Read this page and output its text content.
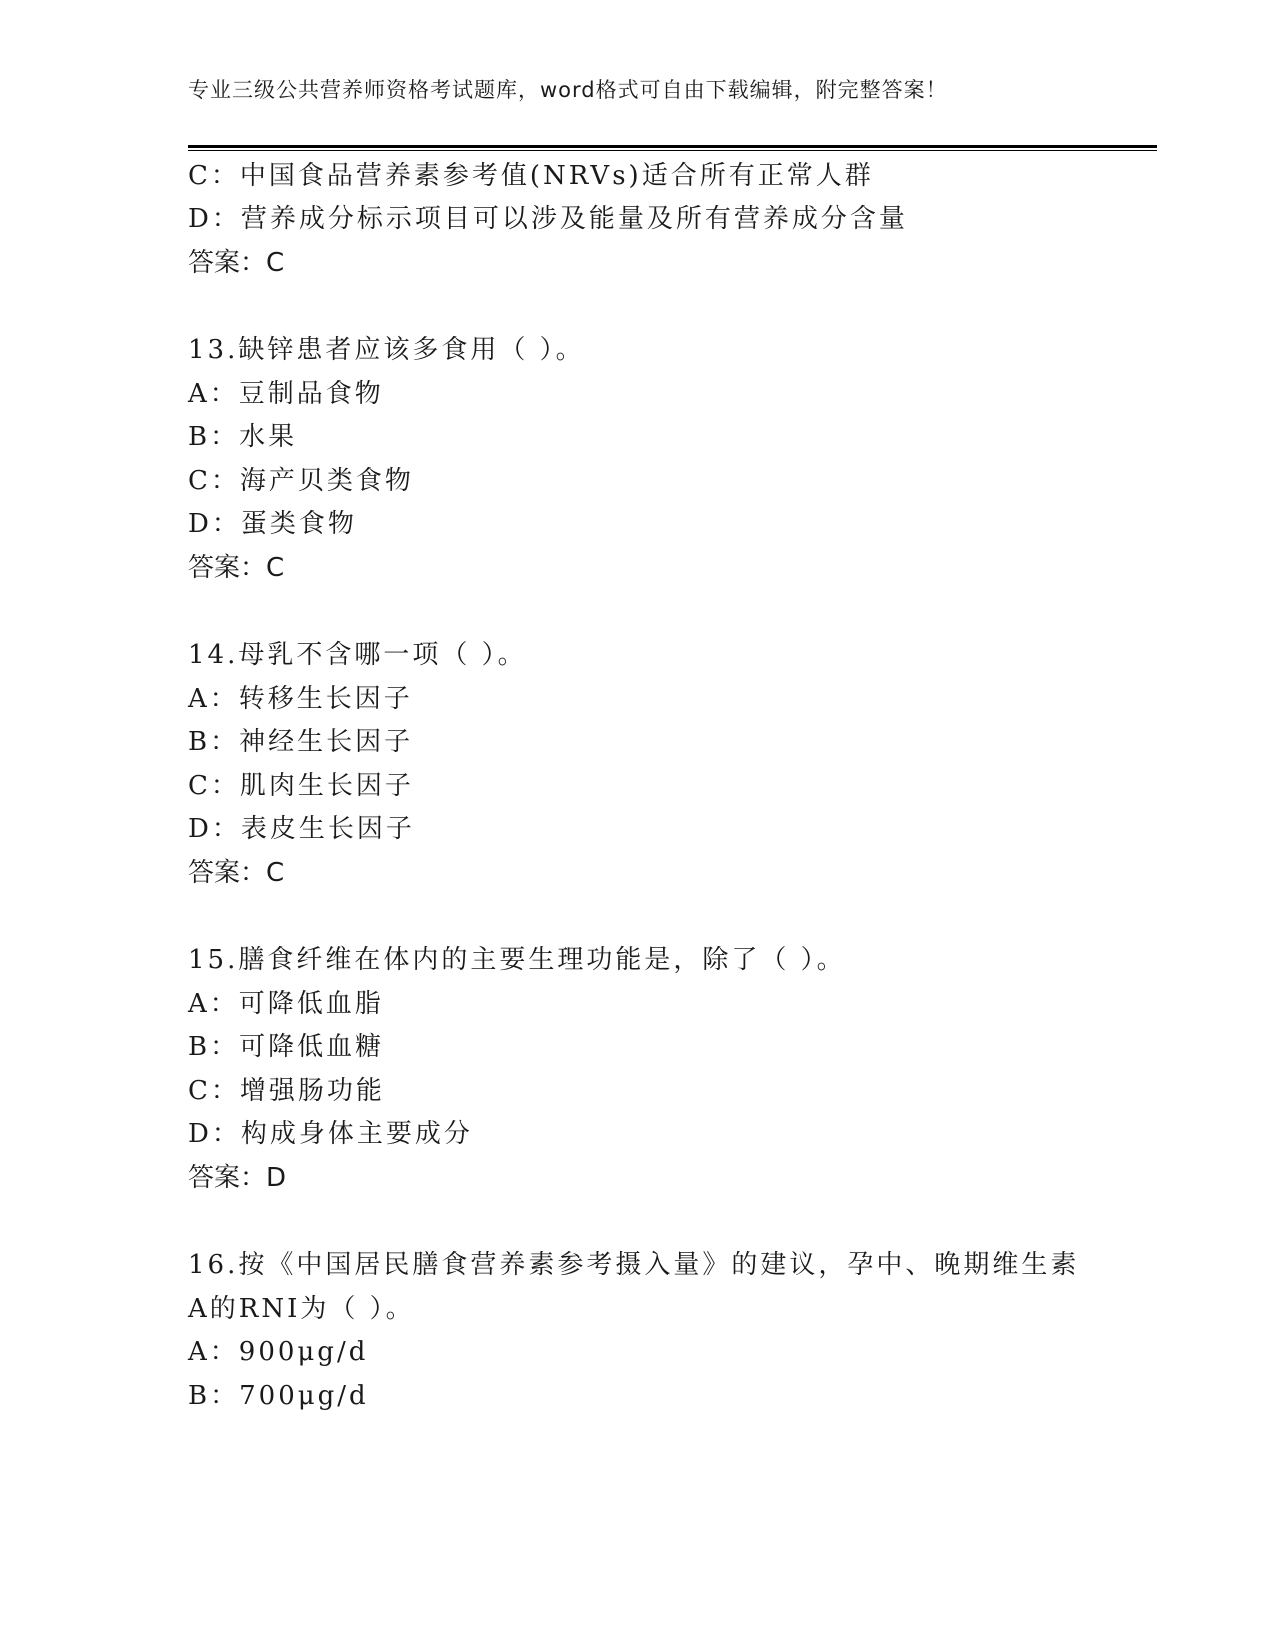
专业三级公共营养师资格考试题库，word格式可自由下载编辑，附完整答案！
C：中国食品营养素参考值(NRVs)适合所有正常人群
D：营养成分标示项目可以涉及能量及所有营养成分含量
答案：C
13.缺锌患者应该多食用（ ）。
A：豆制品食物
B：水果
C：海产贝类食物
D：蛋类食物
答案：C
14.母乳不含哪一项（ ）。
A：转移生长因子
B：神经生长因子
C：肌肉生长因子
D：表皮生长因子
答案：C
15.膳食纤维在体内的主要生理功能是，除了（ ）。
A：可降低血脂
B：可降低血糖
C：增强肠功能
D：构成身体主要成分
答案：D
16.按《中国居民膳食营养素参考摄入量》的建议，孕中、晚期维生素
A的RNI为（ ）。
A：900μg/d
B：700μg/d
